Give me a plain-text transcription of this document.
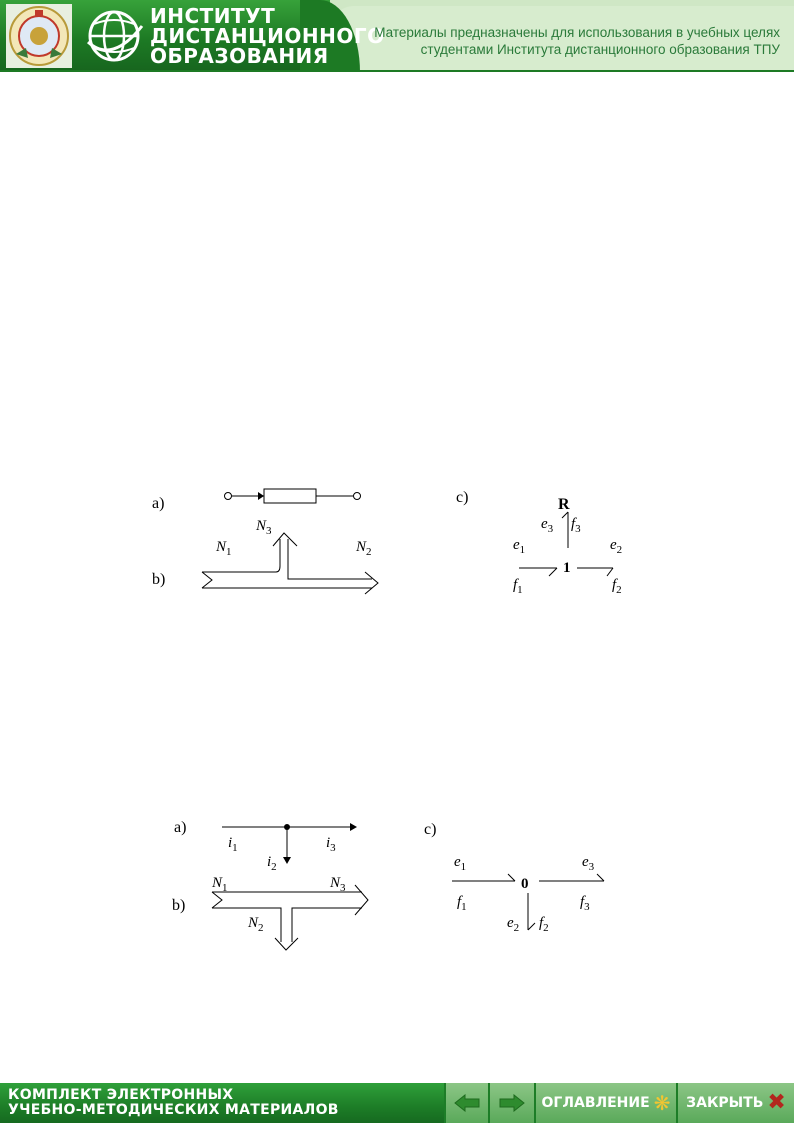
ИНСТИТУТ
ДИСТАНЦИОННОГО
ОБРАЗОВАНИЯ
Материалы предназначены для использования в учебных целях
студентами Института дистанционного образования ТПУ
a)
b)
$N_3$
$N_1$	$N_2$
c)	R
1
$e_3$ $f_3$
$e_1$	$e_2$
$f_1$	$f_2$
a)
$i_1$	$i_3$
$i_2$
b)
$N_1$	$N_3$
$N_2$
c)
0
$e_1$	$e_3$
$f_1$	$f_3$
$e_2$ $f_2$
КОМПЛЕКТ ЭЛЕКТРОННЫХ
УЧЕБНО-МЕТОДИЧЕСКИХ МАТЕРИАЛОВ	ОГЛАВЛЕНИЕ ❋ ЗАКРЫТЬ ✖
